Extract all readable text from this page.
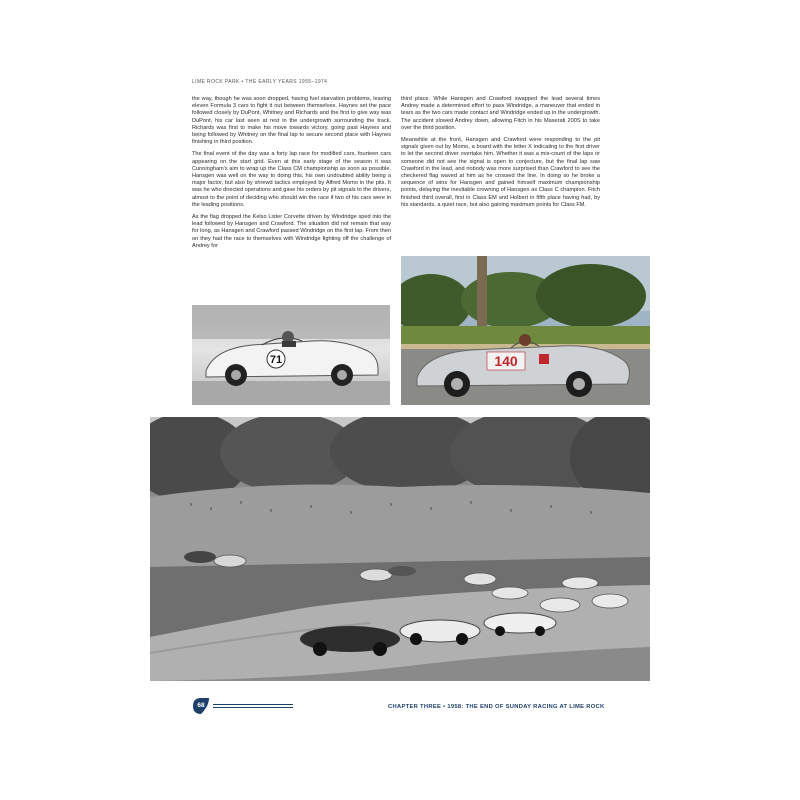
LIME ROCK PARK • THE EARLY YEARS 1955–1974

the way, though he was soon dropped, having fuel starvation problems, leaving eleven Formula 3 cars to fight it out between themselves. Haynes set the pace followed closely by DuPont, Whitney and Richards and the first to give way was DuPont, his car last seen at rest in the undergrowth surrounding the track. Richards was first to make his move towards victory, going past Haynes and being followed by Whitney on the final lap to secure second place with Haynes finishing in third position.

The final event of the day was a forty lap race for modified cars, fourteen cars appearing on the start grid. Even at this early stage of the season it was Cunningham's aim to wrap up the Class CM championship as soon as possible. Hansgen was well on the way to doing this, his own undoubted ability being a major factor, but also by shrewd tactics employed by Alfred Momo in the pits. It was he who directed operations and gave his orders by pit signals to the drivers, almost to the point of deciding who should win the race if two of his cars were in the leading positions.

As the flag dropped the Kelso Lister Corvette driven by Windridge sped into the lead followed by Hansgen and Crawford. The situation did not remain that way for long, as Hansgen and Crawford passed Windridge on the first lap. From then on they had the race to themselves with Windridge fighting off the challenge of Andrey for

third place. While Hansgen and Crawford swapped the lead several times Andrey made a determined effort to pass Windridge, a maneuver that ended in tears as the two cars made contact and Windridge ended up in the undergrowth. The accident slowed Andrey down, allowing Fitch in his Maserati 200S to take over the third position.

Meanwhile at the front, Hansgen and Crawford were responding to the pit signals given out by Momo, a board with the letter X indicating to the first driver to let the second driver overtake him. Whether it was a mis-count of the laps or someone did not see the signal is open to conjecture, but the final lap saw Crawford in the lead, and nobody was more surprised than Crawford to see the checkered flag waved at him as he crossed the line. In doing so he broke a sequence of wins for Hansgen and gained himself maximum championship points, delaying the inevitable crowning of Hansgen as Class C champion. Fitch finished third overall, first in Class EM and Holbert in fifth place having had, by his standards, a quiet race, but also gaining maximum points for Class FM.

71	140
68	CHAPTER THREE • 1958: THE END OF SUNDAY RACING AT LIME ROCK
